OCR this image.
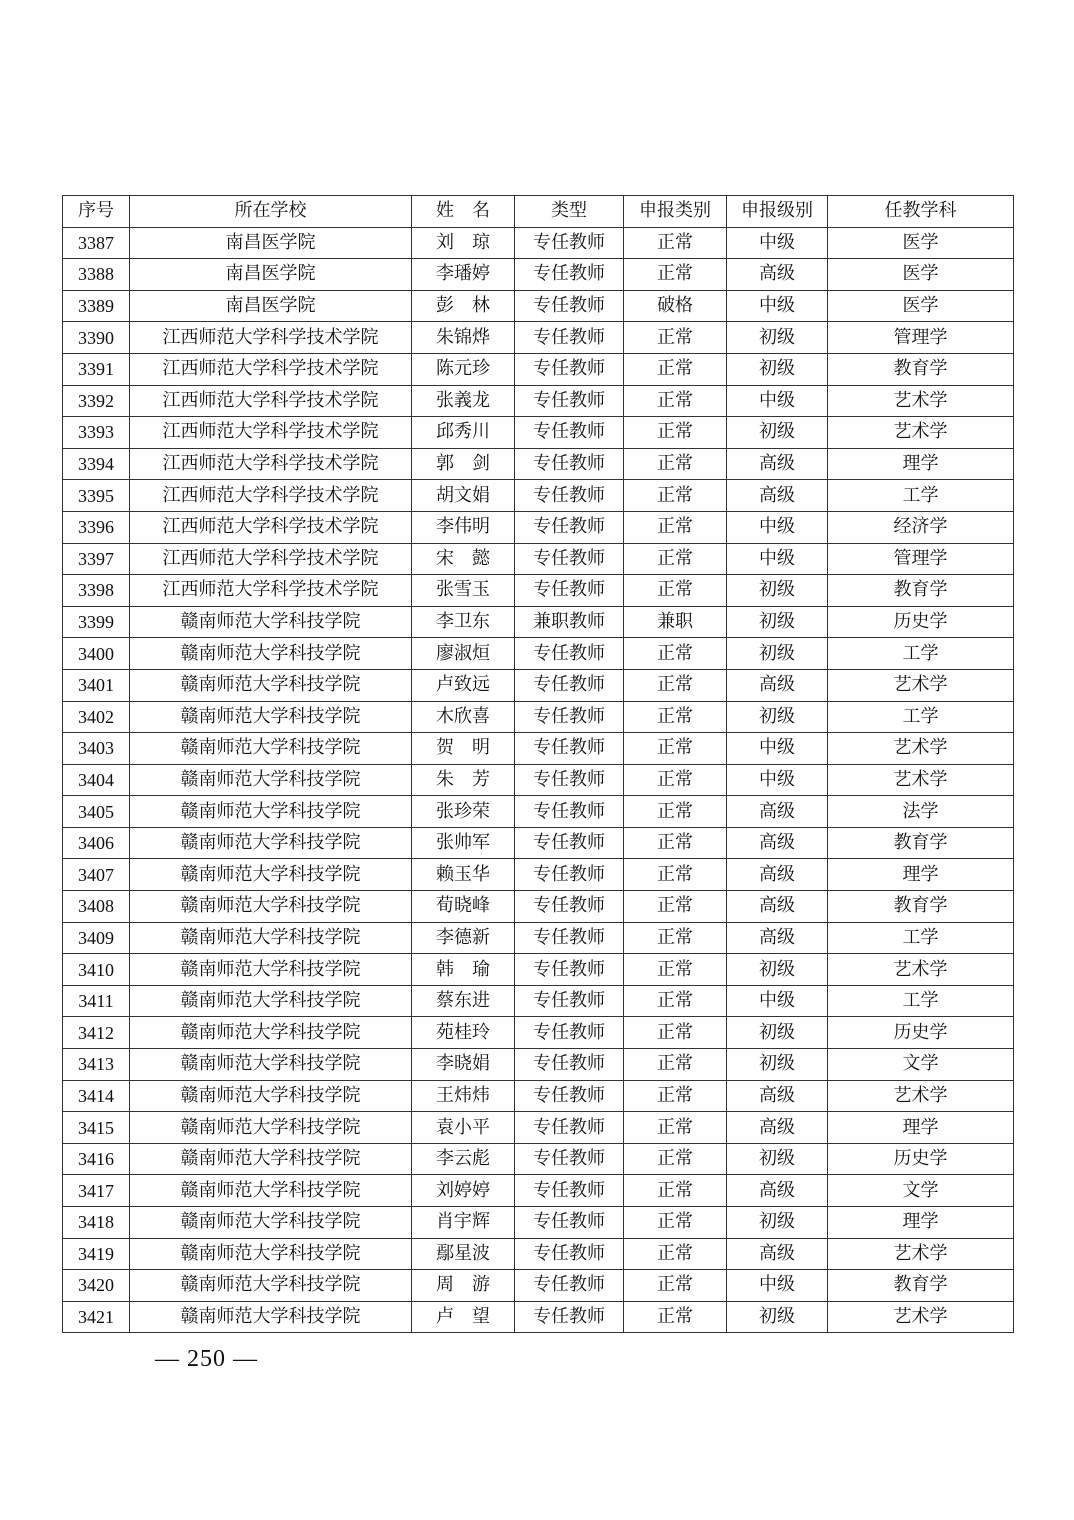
序号	所在学校	姓　名	类型	申报类别	申报级别	任教学科
3387	南昌医学院	刘　琼	专任教师	正常	中级	医学
3388	南昌医学院	李璠婷	专任教师	正常	高级	医学
3389	南昌医学院	彭　林	专任教师	破格	中级	医学
3390	江西师范大学科学技术学院	朱锦烨	专任教师	正常	初级	管理学
3391	江西师范大学科学技术学院	陈元珍	专任教师	正常	初级	教育学
3392	江西师范大学科学技术学院	张義龙	专任教师	正常	中级	艺术学
3393	江西师范大学科学技术学院	邱秀川	专任教师	正常	初级	艺术学
3394	江西师范大学科学技术学院	郭　剑	专任教师	正常	高级	理学
3395	江西师范大学科学技术学院	胡文娟	专任教师	正常	高级	工学
3396	江西师范大学科学技术学院	李伟明	专任教师	正常	中级	经济学
3397	江西师范大学科学技术学院	宋　懿	专任教师	正常	中级	管理学
3398	江西师范大学科学技术学院	张雪玉	专任教师	正常	初级	教育学
3399	赣南师范大学科技学院	李卫东	兼职教师	兼职	初级	历史学
3400	赣南师范大学科技学院	廖淑烜	专任教师	正常	初级	工学
3401	赣南师范大学科技学院	卢致远	专任教师	正常	高级	艺术学
3402	赣南师范大学科技学院	木欣喜	专任教师	正常	初级	工学
3403	赣南师范大学科技学院	贺　明	专任教师	正常	中级	艺术学
3404	赣南师范大学科技学院	朱　芳	专任教师	正常	中级	艺术学
3405	赣南师范大学科技学院	张珍荣	专任教师	正常	高级	法学
3406	赣南师范大学科技学院	张帅军	专任教师	正常	高级	教育学
3407	赣南师范大学科技学院	赖玉华	专任教师	正常	高级	理学
3408	赣南师范大学科技学院	荀晓峰	专任教师	正常	高级	教育学
3409	赣南师范大学科技学院	李德新	专任教师	正常	高级	工学
3410	赣南师范大学科技学院	韩　瑜	专任教师	正常	初级	艺术学
3411	赣南师范大学科技学院	蔡东进	专任教师	正常	中级	工学
3412	赣南师范大学科技学院	苑桂玲	专任教师	正常	初级	历史学
3413	赣南师范大学科技学院	李晓娟	专任教师	正常	初级	文学
3414	赣南师范大学科技学院	王炜炜	专任教师	正常	高级	艺术学
3415	赣南师范大学科技学院	袁小平	专任教师	正常	高级	理学
3416	赣南师范大学科技学院	李云彪	专任教师	正常	初级	历史学
3417	赣南师范大学科技学院	刘婷婷	专任教师	正常	高级	文学
3418	赣南师范大学科技学院	肖宇辉	专任教师	正常	初级	理学
3419	赣南师范大学科技学院	鄢星波	专任教师	正常	高级	艺术学
3420	赣南师范大学科技学院	周　游	专任教师	正常	中级	教育学
3421	赣南师范大学科技学院	卢　望	专任教师	正常	初级	艺术学
— 250 —
